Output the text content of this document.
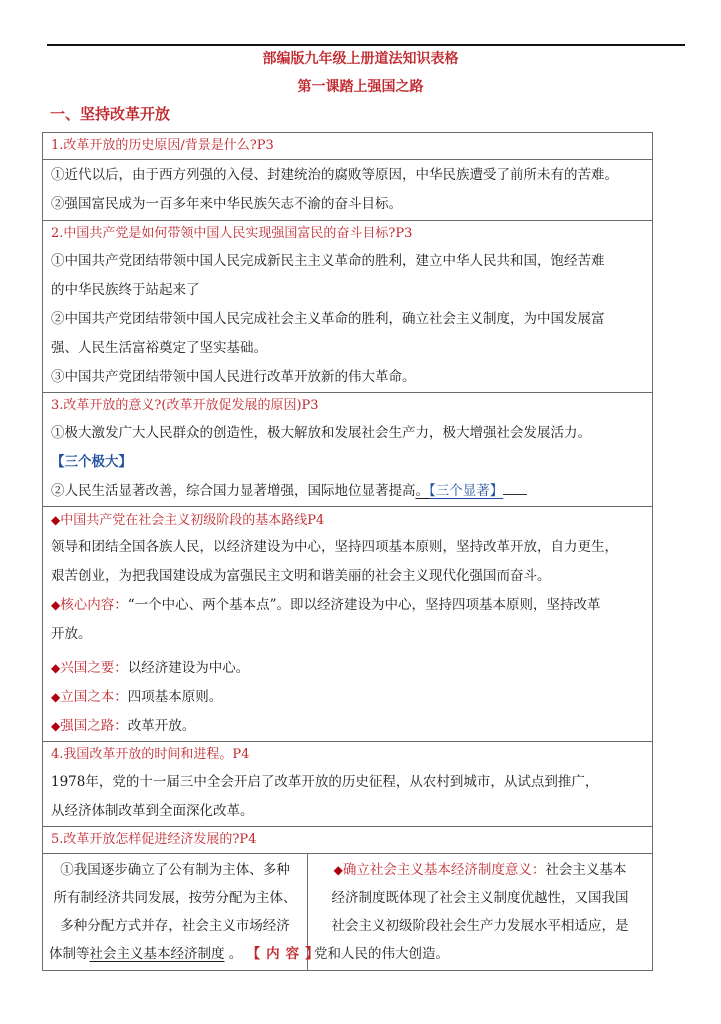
部编版九年级上册道法知识表格
第一课踏上强国之路
一、坚持改革开放
1.改革开放的历史原因/背景是什么?P3

①近代以后，由于西方列强的入侵、封建统治的腐败等原因，中华民族遭受了前所未有的苦难。
②强国富民成为一百多年来中华民族矢志不渝的奋斗目标。

2.中国共产党是如何带领中国人民实现强国富民的奋斗目标?P3
①中国共产党团结带领中国人民完成新民主主义革命的胜利，建立中华人民共和国，饱经苦难
的中华民族终于站起来了
②中国共产党团结带领中国人民完成社会主义革命的胜利，确立社会主义制度，为中国发展富
强、人民生活富裕奠定了坚实基础。
③中国共产党团结带领中国人民进行改革开放新的伟大革命。

3.改革开放的意义?(改革开放促发展的原因)P3
①极大激发广大人民群众的创造性，极大解放和发展社会生产力，极大增强社会发展活力。
【三个极大】
②人民生活显著改善，综合国力显著增强，国际地位显著提高。【三个显著】

◆中国共产党在社会主义初级阶段的基本路线P4
领导和团结全国各族人民，以经济建设为中心，坚持四项基本原则，坚持改革开放，自力更生，
艰苦创业，为把我国建设成为富强民主文明和谐美丽的社会主义现代化强国而奋斗。
◆核心内容：“一个中心、两个基本点”。即以经济建设为中心，坚持四项基本原则，坚持改革
开放。
◆兴国之要：以经济建设为中心。
◆立国之本：四项基本原则。
◆强国之路：改革开放。

4.我国改革开放的时间和进程。P4
1978年，党的十一届三中全会开启了改革开放的历史征程，从农村到城市，从试点到推广，
从经济体制改革到全面深化改革。

5.改革开放怎样促进经济发展的?P4

①我国逐步确立了公有制为主体、多种
所有制经济共同发展，按劳分配为主体、
多种分配方式并存，社会主义市场经济
体制等社会主义基本经济制度 。 【内容】

◆确立社会主义基本经济制度意义：社会主义基本
经济制度既体现了社会主义制度优越性，又国我国
社会主义初级阶段社会生产力发展水平相适应，是
党和人民的伟大创造。
